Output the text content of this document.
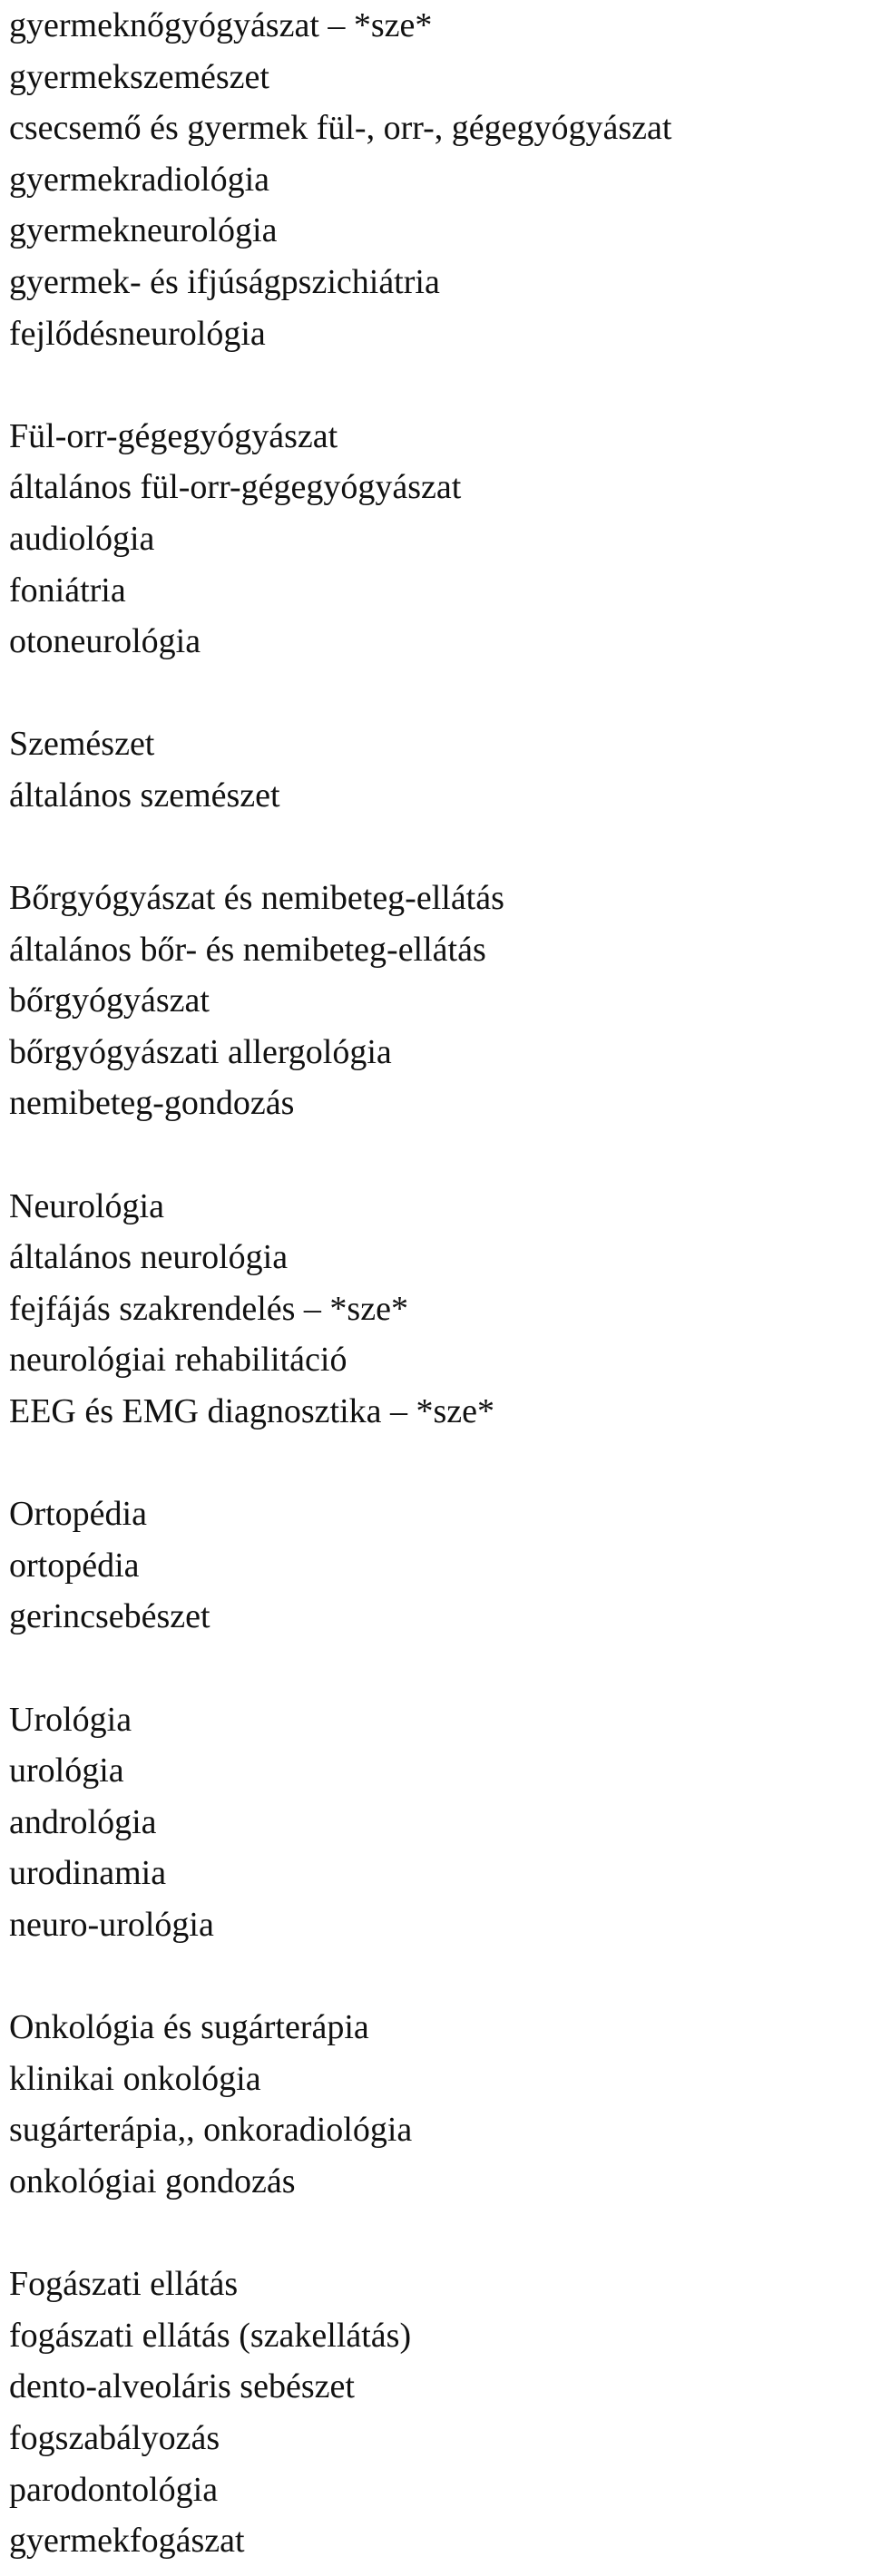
gyermeknőgyógyászat – *sze*
gyermekszemészet
csecsemő és gyermek fül-, orr-, gégegyógyászat
gyermekradiológia
gyermekneurológia
gyermek- és ifjúságpszichiátria
fejlődésneurológia
Fül-orr-gégegyógyászat
általános fül-orr-gégegyógyászat
audiológia
foniátria
otoneurológia
Szemészet
általános szemészet
Bőrgyógyászat és nemibeteg-ellátás
általános bőr- és nemibeteg-ellátás
bőrgyógyászat
bőrgyógyászati allergológia
nemibeteg-gondozás
Neurológia
általános neurológia
fejfájás szakrendelés – *sze*
neurológiai rehabilitáció
EEG és EMG diagnosztika – *sze*
Ortopédia
ortopédia
gerincsebészet
Urológia
urológia
andrológia
urodinamia
neuro-urológia
Onkológia és sugárterápia
klinikai onkológia
sugárterápia,, onkoradiológia
onkológiai gondozás
Fogászati ellátás
fogászati ellátás (szakellátás)
dento-alveoláris sebészet
fogszabályozás
parodontológia
gyermekfogászat
